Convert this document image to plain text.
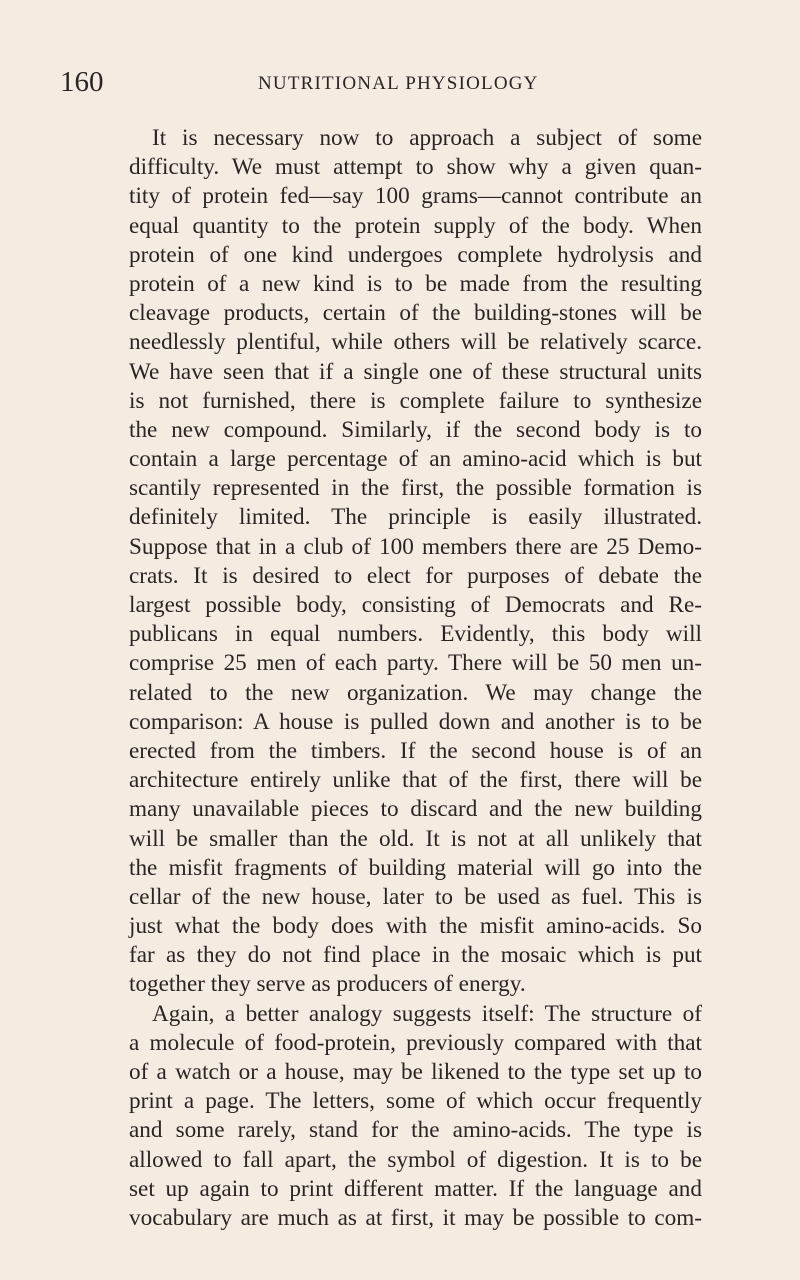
160	NUTRITIONAL PHYSIOLOGY
It is necessary now to approach a subject of some
difficulty. We must attempt to show why a given quan-
tity of protein fed—say 100 grams—cannot contribute an
equal quantity to the protein supply of the body. When
protein of one kind undergoes complete hydrolysis and
protein of a new kind is to be made from the resulting
cleavage products, certain of the building-stones will be
needlessly plentiful, while others will be relatively scarce.
We have seen that if a single one of these structural units
is not furnished, there is complete failure to synthesize
the new compound. Similarly, if the second body is to
contain a large percentage of an amino-acid which is but
scantily represented in the first, the possible formation is
definitely limited. The principle is easily illustrated.
Suppose that in a club of 100 members there are 25 Demo-
crats. It is desired to elect for purposes of debate the
largest possible body, consisting of Democrats and Re-
publicans in equal numbers. Evidently, this body will
comprise 25 men of each party. There will be 50 men un-
related to the new organization. We may change the
comparison: A house is pulled down and another is to be
erected from the timbers. If the second house is of an
architecture entirely unlike that of the first, there will be
many unavailable pieces to discard and the new building
will be smaller than the old. It is not at all unlikely that
the misfit fragments of building material will go into the
cellar of the new house, later to be used as fuel. This is
just what the body does with the misfit amino-acids. So
far as they do not find place in the mosaic which is put
together they serve as producers of energy.
Again, a better analogy suggests itself: The structure of
a molecule of food-protein, previously compared with that
of a watch or a house, may be likened to the type set up to
print a page. The letters, some of which occur frequently
and some rarely, stand for the amino-acids. The type is
allowed to fall apart, the symbol of digestion. It is to be
set up again to print different matter. If the language and
vocabulary are much as at first, it may be possible to com-
